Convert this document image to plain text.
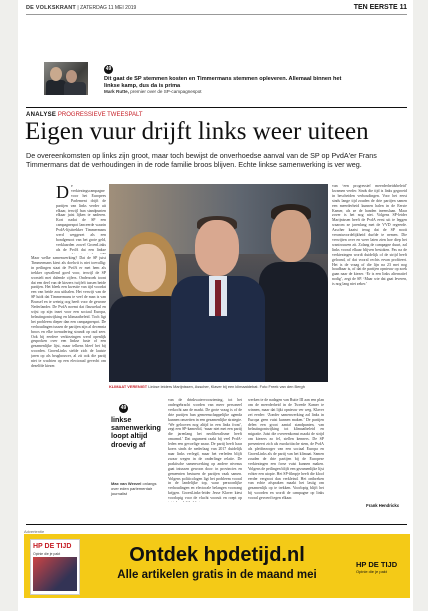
DE VOLKSKRANT | ZATERDAG 11 MEI 2019	TEN EERSTE 11
49
Dit gaat de SP stemmen kosten en Timmermans stemmen opleveren. Allemaal binnen het linkse kamp, dus da is prima
Mark Rutte, premier over de SP-campagnespot
ANALYSE PROGRESSIEVE TWEESPALT
Eigen vuur drijft links weer uiteen
De overeenkomsten op links zijn groot, maar toch bewijst de onverhoedse aanval van de SP op PvdA'er Frans Timmermans dat de verhoudingen in de rode familie broos blijven. Echte linkse samenwerking is ver weg.
D e verkiezingscampagne voor het Europees Parlement drijft de partijen van links verder uit elkaar, terwijl hun standpunten elkaar juist lijken te naderen. Kort nadat de SP een campagnespot lanceerde waarin PvdA-lijsttrekker Timmermans werd weggezet als een bondgenoot van het grote geld, verklaarden zowel GroenLinks als de PvdA dat een linkse
Maar welke samenwerking? Dat de SP juist Timmermans kiest als doelwit is niet toevallig: in peilingen staat de PvdA er met hem als trekker opvallend goed voor, terwijl de SP worstelt met dalende cijfers. Onderzoek toont dat een deel van de kiezers twijfelt tussen beide partijen. Het bleek een kwestie van tijd voordat een van beide zou uithalen. Het verwijt van de SP luidt dat Timmermans te veel de man is van Brussel en te weinig oog heeft voor de gewone Nederlander. De PvdA noemt dat flauwekul en wijst op zijn inzet voor een sociaal Europa, belastingontwijking en klimaatbeleid. Toch ligt het probleem dieper dan een campagnespot. De verhoudingen tussen de partijen zijn al decennia broos en elke toenadering strandt op oud zeer. Ook bij eerdere verkiezingen werd openlijk gesproken over een linkse fusie of een gezamenlijke lijst, maar telkens bleef het bij woorden. GroenLinks stelde zich de laatste jaren op als brugbouwer, al zit ook die partij niet te wachten op een electoraal gevecht om dezelfde kiezer.
KLIMAAT VERENIGT Linkse leiders Marijnissen, Asscher, Klaver bij een klimaatdebat. Foto Freek van den Bergh
49
linkse samenwerking loopt altijd droevig af
Max van Weezel onlangs over eden parlementair journalist
van de drinkwatervoorziening, tot het ondergebracht worden van meer personeel verkocht aan de markt. De grote vraag is of de drie partijen hun gemeenschappelijke agenda kunnen omzetten in een gezamenlijke strategie. ‘We gelooven nog altijd in een links front’, zegt een SP-kamerlid, ‘maar niet met een partij die jarenlang het neoliberalisme heeft omarmd.’ Dat argument raakt bij veel PvdA-leden een gevoelige snaar. De partij heeft haar koers sinds de nederlaag van 2017 duidelijk naar links verlegd, maar het verleden blijft zwaar wegen in de onderlinge relatie. De praktische samenwerking op andere niveaus gaat intussen gewoon door: in provincies en gemeenten besturen de partijen vaak samen. Volgens politicologen ligt het probleem vooral in de landelijke top, waar persoonlijke verhoudingen en electorale belangen voorrang krijgen. GroenLinks-leider Jesse Klaver kiest voorlopig voor de vlucht vooruit en roept op
werken te de nadagen van Rutte III aan een plan om de meerderheid in de Tweede Kamer te winnen, maar dat lijkt opnieuw ver weg. Klaver zei eerder: ‘Zonder samenwerking zal links in Europa geen vuist kunnen maken.’ De partijen delen een groot aantal standpunten, van belastingontwijking tot klimaatbeleid en migratie. Juist die overeenkomst maakt de strijd om kiezers zo fel, stellen kenners. De SP presenteert zich als eurokritische stem, de PvdA als pleitbezorger van een sociaal Europa en GroenLinks als de partij van het klimaat. Samen zouden de drie partijen bij de Europese verkiezingen een forse vuist kunnen maken. Volgens de peilingen blijft een gezamenlijke lijst echter een utopie. Het SP-filmpje heeft die kloof eerder vergroot dan verkleind. Het ontbreken van echte afspraken maakt het lastig om gezamenlijk op te trekken. Voorlopig blijft het bij woorden en wordt de campagne op links vooral gevoerd tegen elkaar.
van ‘een progressief meerderheidsbeleid’ kwamen verder. Sinds die tijd is links gegroeid in bescheiden verhoudingen. Voor het eerst sinds lange tijd zouden de drie partijen samen een meerderheid kunnen halen in de Eerste Kamer, als ze de handen ineenslaan. Maar zover is het nog niet. Volgens SP-leider Marijnissen heeft de PvdA eerst uit te leggen waarom ze jarenlang met de VVD regeerde. Asscher kaatst terug dat de SP nooit verantwoordelijkheid durfde te nemen. Die verwijten over en weer laten zien hoe diep het wantrouwen zit. Zolang de campagne duurt, zal links vooral elkaar blijven bestoken. Pas na de verkiezingen wordt duidelijk of de strijd heeft geloond, of dat vooral rechts ervan profiteert. Het is de vraag of die lijn na 23 mei nog houdbaar is, of dat de partijen opnieuw op zoek gaan naar de kiezer. ‘Er is een links alternatief nodig’, zegt de SP. ‘Maar wie dat gaat leveren, is nog lang niet zeker.’
Frank Hendrickx
Advertentie
HP DE TIJD
Opinie die je pakt	Ontdek hpdetijd.nl
Alle artikelen gratis in de maand mei
HP DE TIJD
Opinie die je pakt
